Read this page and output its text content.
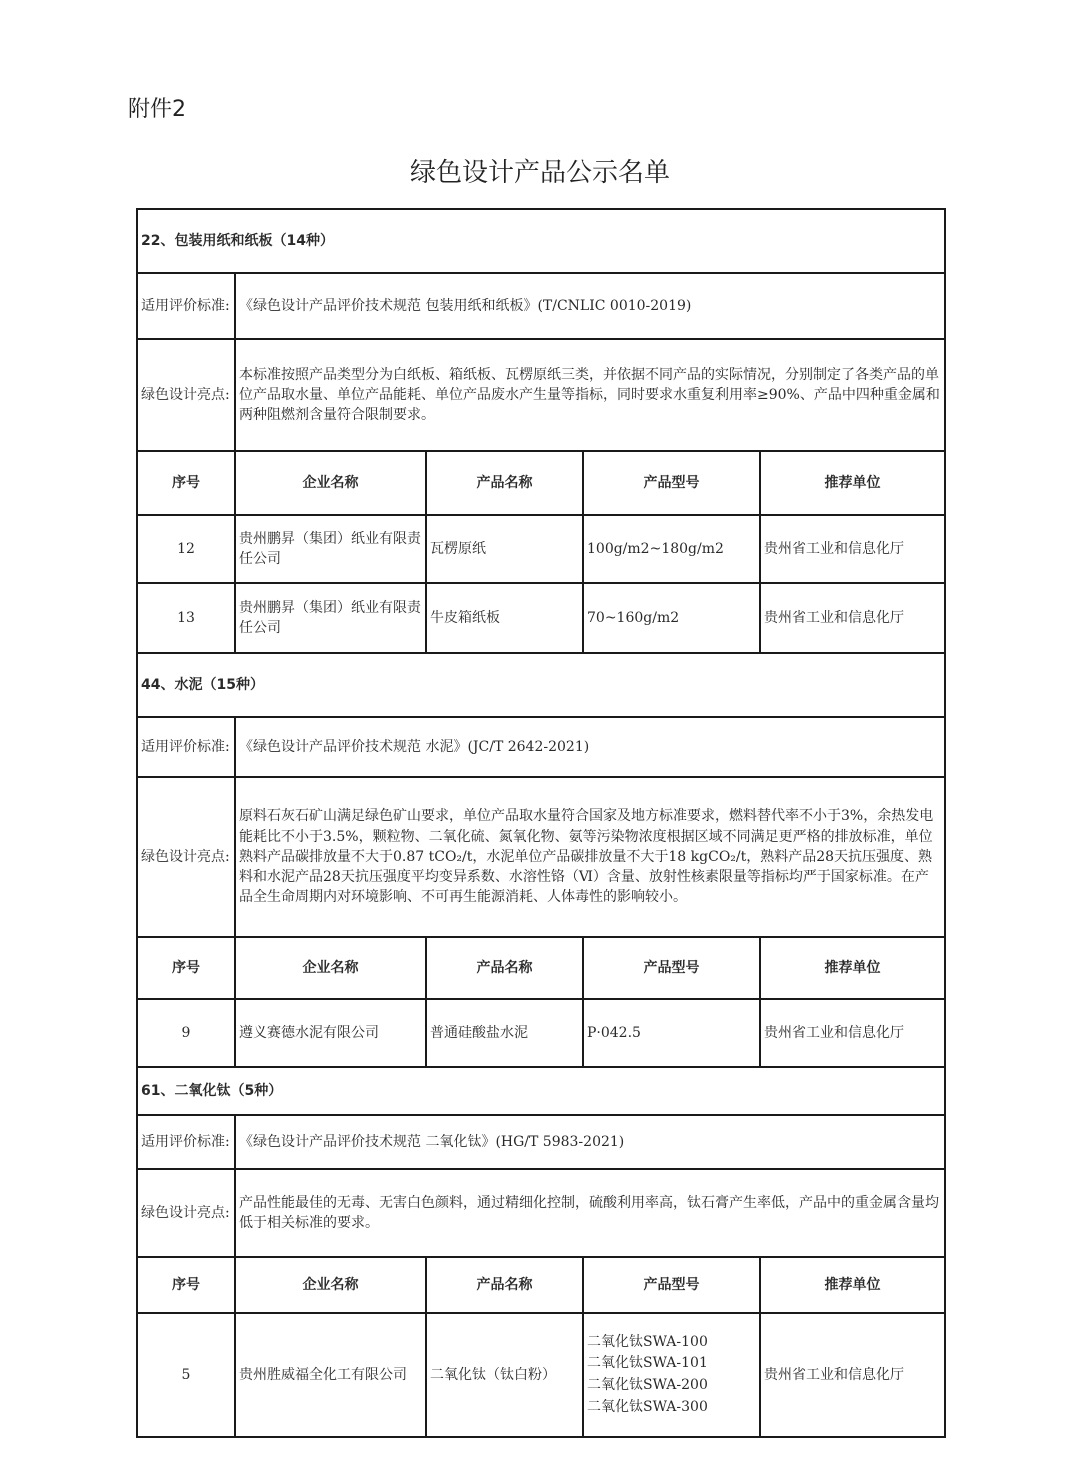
附件2
绿色设计产品公示名单
22、包装用纸和纸板（14种）				
适用评价标准:	《绿色设计产品评价技术规范 包装用纸和纸板》(T/CNLIC 0010-2019)			
绿色设计亮点:	本标准按照产品类型分为白纸板、箱纸板、瓦楞原纸三类，并依据不同产品的实际情况，分别制定了各类产品的单位产品取水量、单位产品能耗、单位产品废水产生量等指标，同时要求水重复利用率≥90%、产品中四种重金属和两种阻燃剂含量符合限制要求。			
序号	企业名称	产品名称	产品型号	推荐单位
12	贵州鹏昇（集团）纸业有限责任公司	瓦楞原纸	100g/m2~180g/m2	贵州省工业和信息化厅
13	贵州鹏昇（集团）纸业有限责任公司	牛皮箱纸板	70~160g/m2	贵州省工业和信息化厅
44、水泥（15种）				
适用评价标准:	《绿色设计产品评价技术规范 水泥》(JC/T 2642-2021)			
绿色设计亮点:	原料石灰石矿山满足绿色矿山要求，单位产品取水量符合国家及地方标准要求，燃料替代率不小于3%，余热发电能耗比不小于3.5%，颗粒物、二氧化硫、氮氧化物、氨等污染物浓度根据区域不同满足更严格的排放标准，单位熟料产品碳排放量不大于0.87 tCO₂/t，水泥单位产品碳排放量不大于18 kgCO₂/t，熟料产品28天抗压强度、熟料和水泥产品28天抗压强度平均变异系数、水溶性铬（Ⅵ）含量、放射性核素限量等指标均严于国家标准。在产品全生命周期内对环境影响、不可再生能源消耗、人体毒性的影响较小。			
序号	企业名称	产品名称	产品型号	推荐单位
9	遵义赛德水泥有限公司	普通硅酸盐水泥	P·042.5	贵州省工业和信息化厅
61、二氧化钛（5种）				
适用评价标准:	《绿色设计产品评价技术规范 二氧化钛》(HG/T 5983-2021)			
绿色设计亮点:	产品性能最佳的无毒、无害白色颜料，通过精细化控制，硫酸利用率高，钛石膏产生率低，产品中的重金属含量均低于相关标准的要求。			
序号	企业名称	产品名称	产品型号	推荐单位
5	贵州胜威福全化工有限公司	二氧化钛（钛白粉）	二氧化钛SWA-100
二氧化钛SWA-101
二氧化钛SWA-200
二氧化钛SWA-300	贵州省工业和信息化厅
